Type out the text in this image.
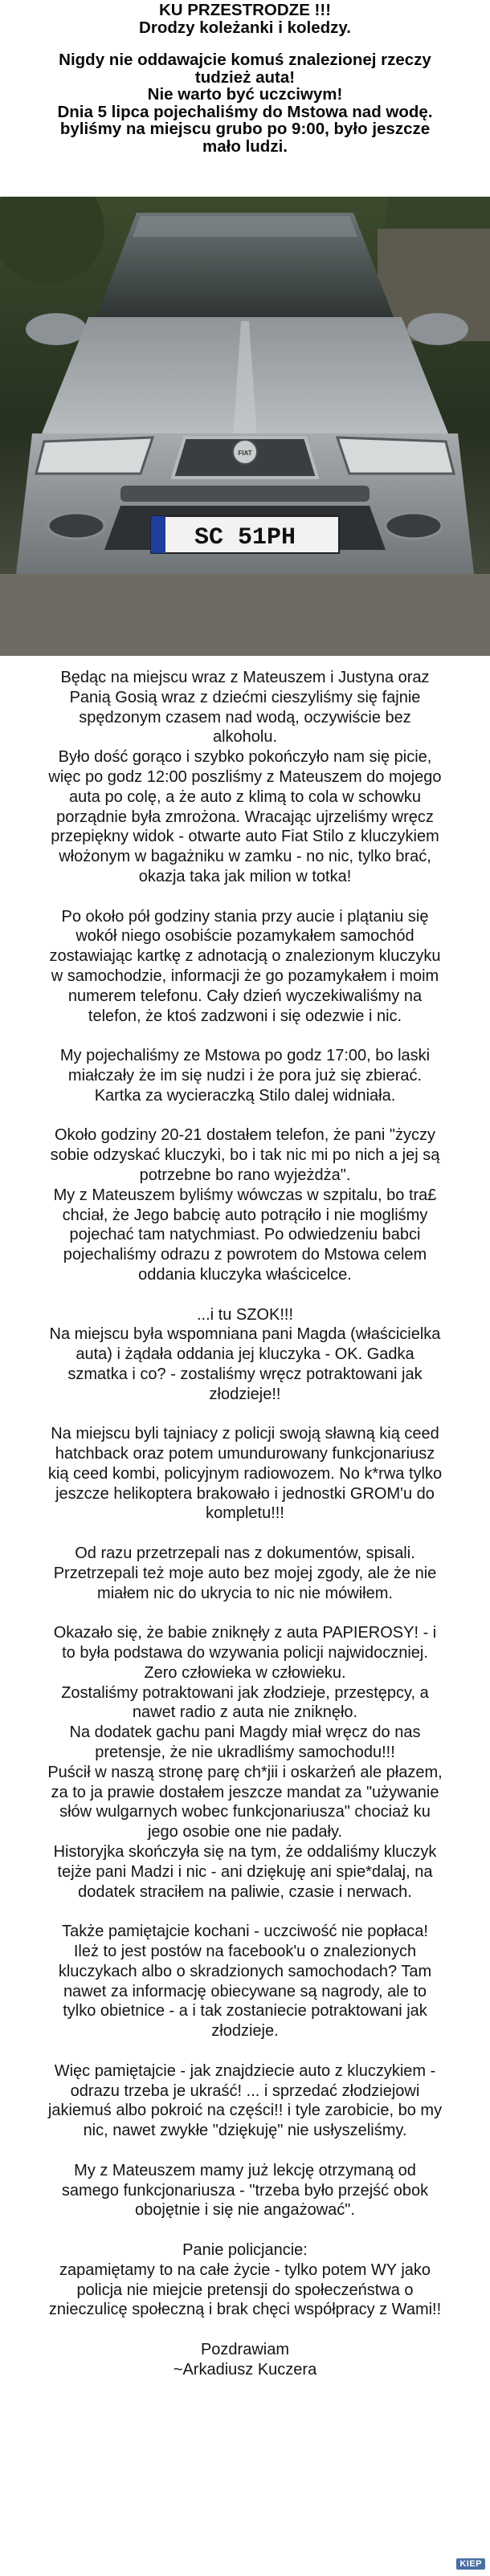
KU PRZESTRODZE !!!
Drodzy koleżanki i koledzy.
Nigdy nie oddawajcie komuś znalezionej rzeczy
tudzież auta!
Nie warto być uczciwym!
Dnia 5 lipca pojechaliśmy do Mstowa nad wodę.
byliśmy na miejscu grubo po 9:00, było jeszcze
mało ludzi.
FIAT
SC 51PH

Będąc na miejscu wraz z Mateuszem i Justyna oraz
Panią Gosią wraz z dziećmi cieszyliśmy się fajnie
spędzonym czasem nad wodą, oczywiście bez
alkoholu.
Było dość gorąco i szybko pokończyło nam się picie,
więc po godz 12:00 poszliśmy z Mateuszem do mojego
auta po colę, a że auto z klimą to cola w schowku
porządnie była zmrożona. Wracając ujrzeliśmy wręcz
przepiękny widok - otwarte auto Fiat Stilo z kluczykiem
włożonym w bagażniku w zamku - no nic, tylko brać,
okazja taka jak milion w totka!

Po około pół godziny stania przy aucie i plątaniu się
wokół niego osobiście pozamykałem samochód
zostawiając kartkę z adnotacją o znalezionym kluczyku
w samochodzie, informacji że go pozamykałem i moim
numerem telefonu. Cały dzień wyczekiwaliśmy na
telefon, że ktoś zadzwoni i się odezwie i nic.

My pojechaliśmy ze Mstowa po godz 17:00, bo laski
miałczały że im się nudzi i że pora już się zbierać.
Kartka za wycieraczką Stilo dalej widniała.

Około godziny 20-21 dostałem telefon, że pani "życzy
sobie odzyskać kluczyki, bo i tak nic mi po nich a jej są
potrzebne bo rano wyjeżdża".
My z Mateuszem byliśmy wówczas w szpitalu, bo tra£
chciał, że Jego babcię auto potrąciło i nie mogliśmy
pojechać tam natychmiast. Po odwiedzeniu babci
pojechaliśmy odrazu z powrotem do Mstowa celem
oddania kluczyka właścicelce.

...i tu SZOK!!!
Na miejscu była wspomniana pani Magda (właścicielka
auta) i żądała oddania jej kluczyka - OK. Gadka
szmatka i co? - zostaliśmy wręcz potraktowani jak
złodzieje!!

Na miejscu byli tajniacy z policji swoją sławną kią ceed
hatchback oraz potem umundurowany funkcjonariusz
kią ceed kombi, policyjnym radiowozem. No k*rwa tylko
jeszcze helikoptera brakowało i jednostki GROM'u do
kompletu!!!

Od razu przetrzepali nas z dokumentów, spisali.
Przetrzepali też moje auto bez mojej zgody, ale że nie
miałem nic do ukrycia to nic nie mówiłem.

Okazało się, że babie zniknęły z auta PAPIEROSY! - i
to była podstawa do wzywania policji najwidoczniej.
Zero człowieka w człowieku.
Zostaliśmy potraktowani jak złodzieje, przestępcy, a
nawet radio z auta nie zniknęło.
Na dodatek gachu pani Magdy miał wręcz do nas
pretensje, że nie ukradliśmy samochodu!!!
Puścił w naszą stronę parę ch*jii i oskarżeń ale płazem,
za to ja prawie dostałem jeszcze mandat za "używanie
słów wulgarnych wobec funkcjonariusza" chociaż ku
jego osobie one nie padały.
Historyjka skończyła się na tym, że oddaliśmy kluczyk
tejże pani Madzi i nic - ani dziękuję ani spie*dalaj, na
dodatek straciłem na paliwie, czasie i nerwach.

Także pamiętajcie kochani - uczciwość nie popłaca!
Ileż to jest postów na facebook'u o znalezionych
kluczykach albo o skradzionych samochodach? Tam
nawet za informację obiecywane są nagrody, ale to
tylko obietnice - a i tak zostaniecie potraktowani jak
złodzieje.

Więc pamiętajcie - jak znajdziecie auto z kluczykiem -
odrazu trzeba je ukraść! ... i sprzedać złodziejowi
jakiemuś albo pokroić na części!! i tyle zarobicie, bo my
nic, nawet zwykłe "dziękuję" nie usłyszeliśmy.

My z Mateuszem mamy już lekcję otrzymaną od
samego funkcjonariusza - "trzeba było przejść obok
obojętnie i się nie angażować".

Panie policjancie:
zapamiętamy to na całe życie - tylko potem WY jako
policja nie miejcie pretensji do społeczeństwa o
znieczulicę społeczną i brak chęci współpracy z Wami!!

Pozdrawiam
~Arkadiusz Kuczera

KIEP
